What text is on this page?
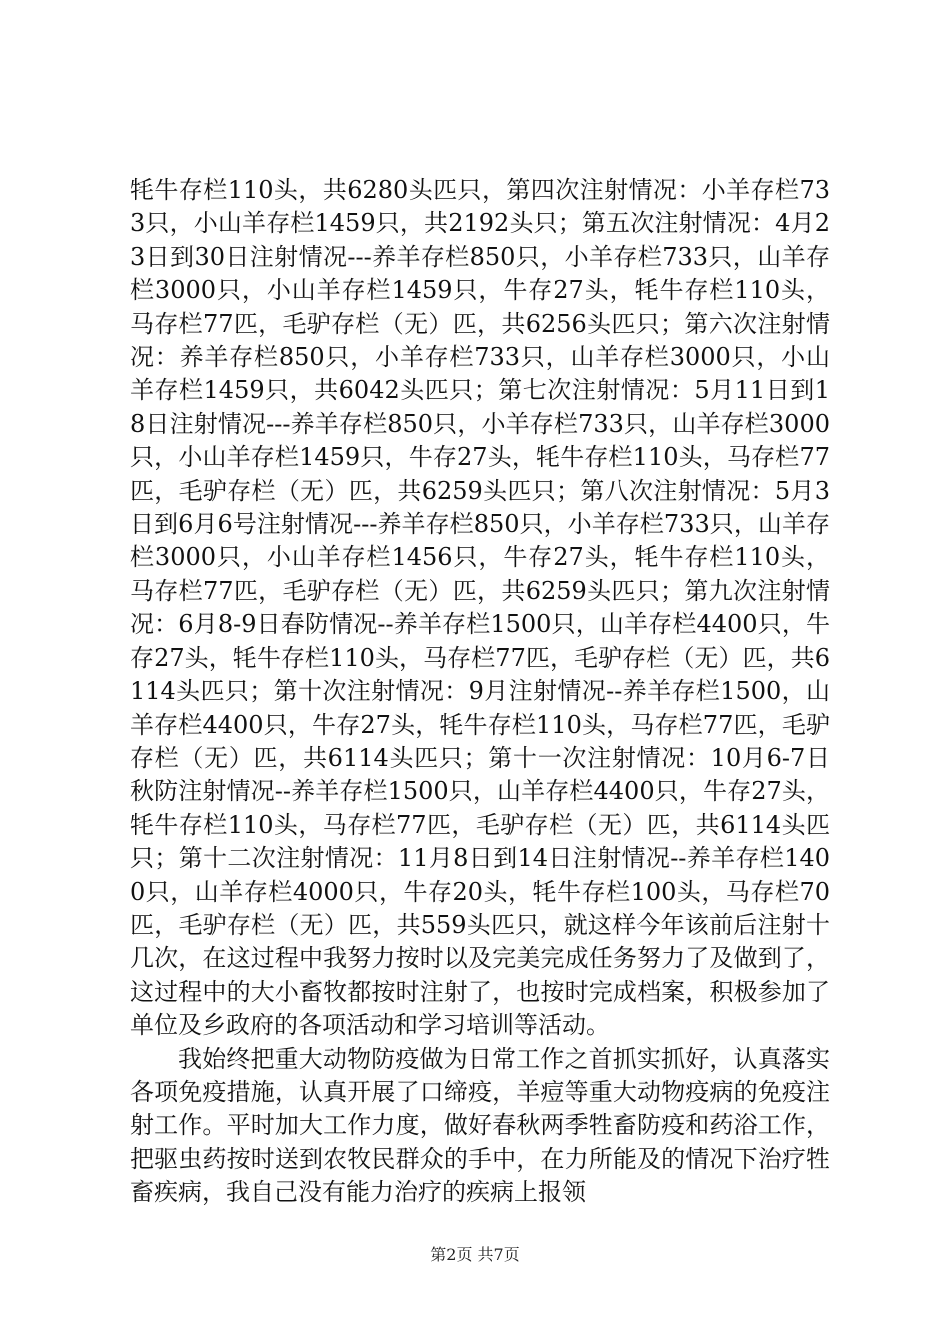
牦牛存栏110头，共6280头匹只，第四次注射情况：小羊存栏733只，小山羊存栏1459只，共2192头只；第五次注射情况：4月23日到30日注射情况---养羊存栏850只，小羊存栏733只，山羊存栏3000只，小山羊存栏1459只，牛存27头，牦牛存栏110头，马存栏77匹，毛驴存栏（无）匹，共6256头匹只；第六次注射情况：养羊存栏850只，小羊存栏733只，山羊存栏3000只，小山羊存栏1459只，共6042头匹只；第七次注射情况：5月11日到18日注射情况---养羊存栏850只，小羊存栏733只，山羊存栏3000只，小山羊存栏1459只，牛存27头，牦牛存栏110头，马存栏77匹，毛驴存栏（无）匹，共6259头匹只；第八次注射情况：5月3日到6月6号注射情况---养羊存栏850只，小羊存栏733只，山羊存栏3000只，小山羊存栏1456只，牛存27头，牦牛存栏110头，马存栏77匹，毛驴存栏（无）匹，共6259头匹只；第九次注射情况：6月8-9日春防情况--养羊存栏1500只，山羊存栏4400只，牛存27头，牦牛存栏110头，马存栏77匹，毛驴存栏（无）匹，共6114头匹只；第十次注射情况：9月注射情况--养羊存栏1500，山羊存栏4400只，牛存27头，牦牛存栏110头，马存栏77匹，毛驴存栏（无）匹，共6114头匹只；第十一次注射情况：10月6-7日秋防注射情况--养羊存栏1500只，山羊存栏4400只，牛存27头，牦牛存栏110头，马存栏77匹，毛驴存栏（无）匹，共6114头匹只；第十二次注射情况：11月8日到14日注射情况--养羊存栏1400只，山羊存栏4000只，牛存20头，牦牛存栏100头，马存栏70匹，毛驴存栏（无）匹，共559头匹只，就这样今年该前后注射十几次，在这过程中我努力按时以及完美完成任务努力了及做到了，这过程中的大小畜牧都按时注射了，也按时完成档案，积极参加了单位及乡政府的各项活动和学习培训等活动。

我始终把重大动物防疫做为日常工作之首抓实抓好，认真落实各项免疫措施，认真开展了口缔疫，羊痘等重大动物疫病的免疫注射工作。平时加大工作力度，做好春秋两季牲畜防疫和药浴工作，把驱虫药按时送到农牧民群众的手中，在力所能及的情况下治疗牲畜疾病，我自己没有能力治疗的疾病上报领

第2页 共7页
